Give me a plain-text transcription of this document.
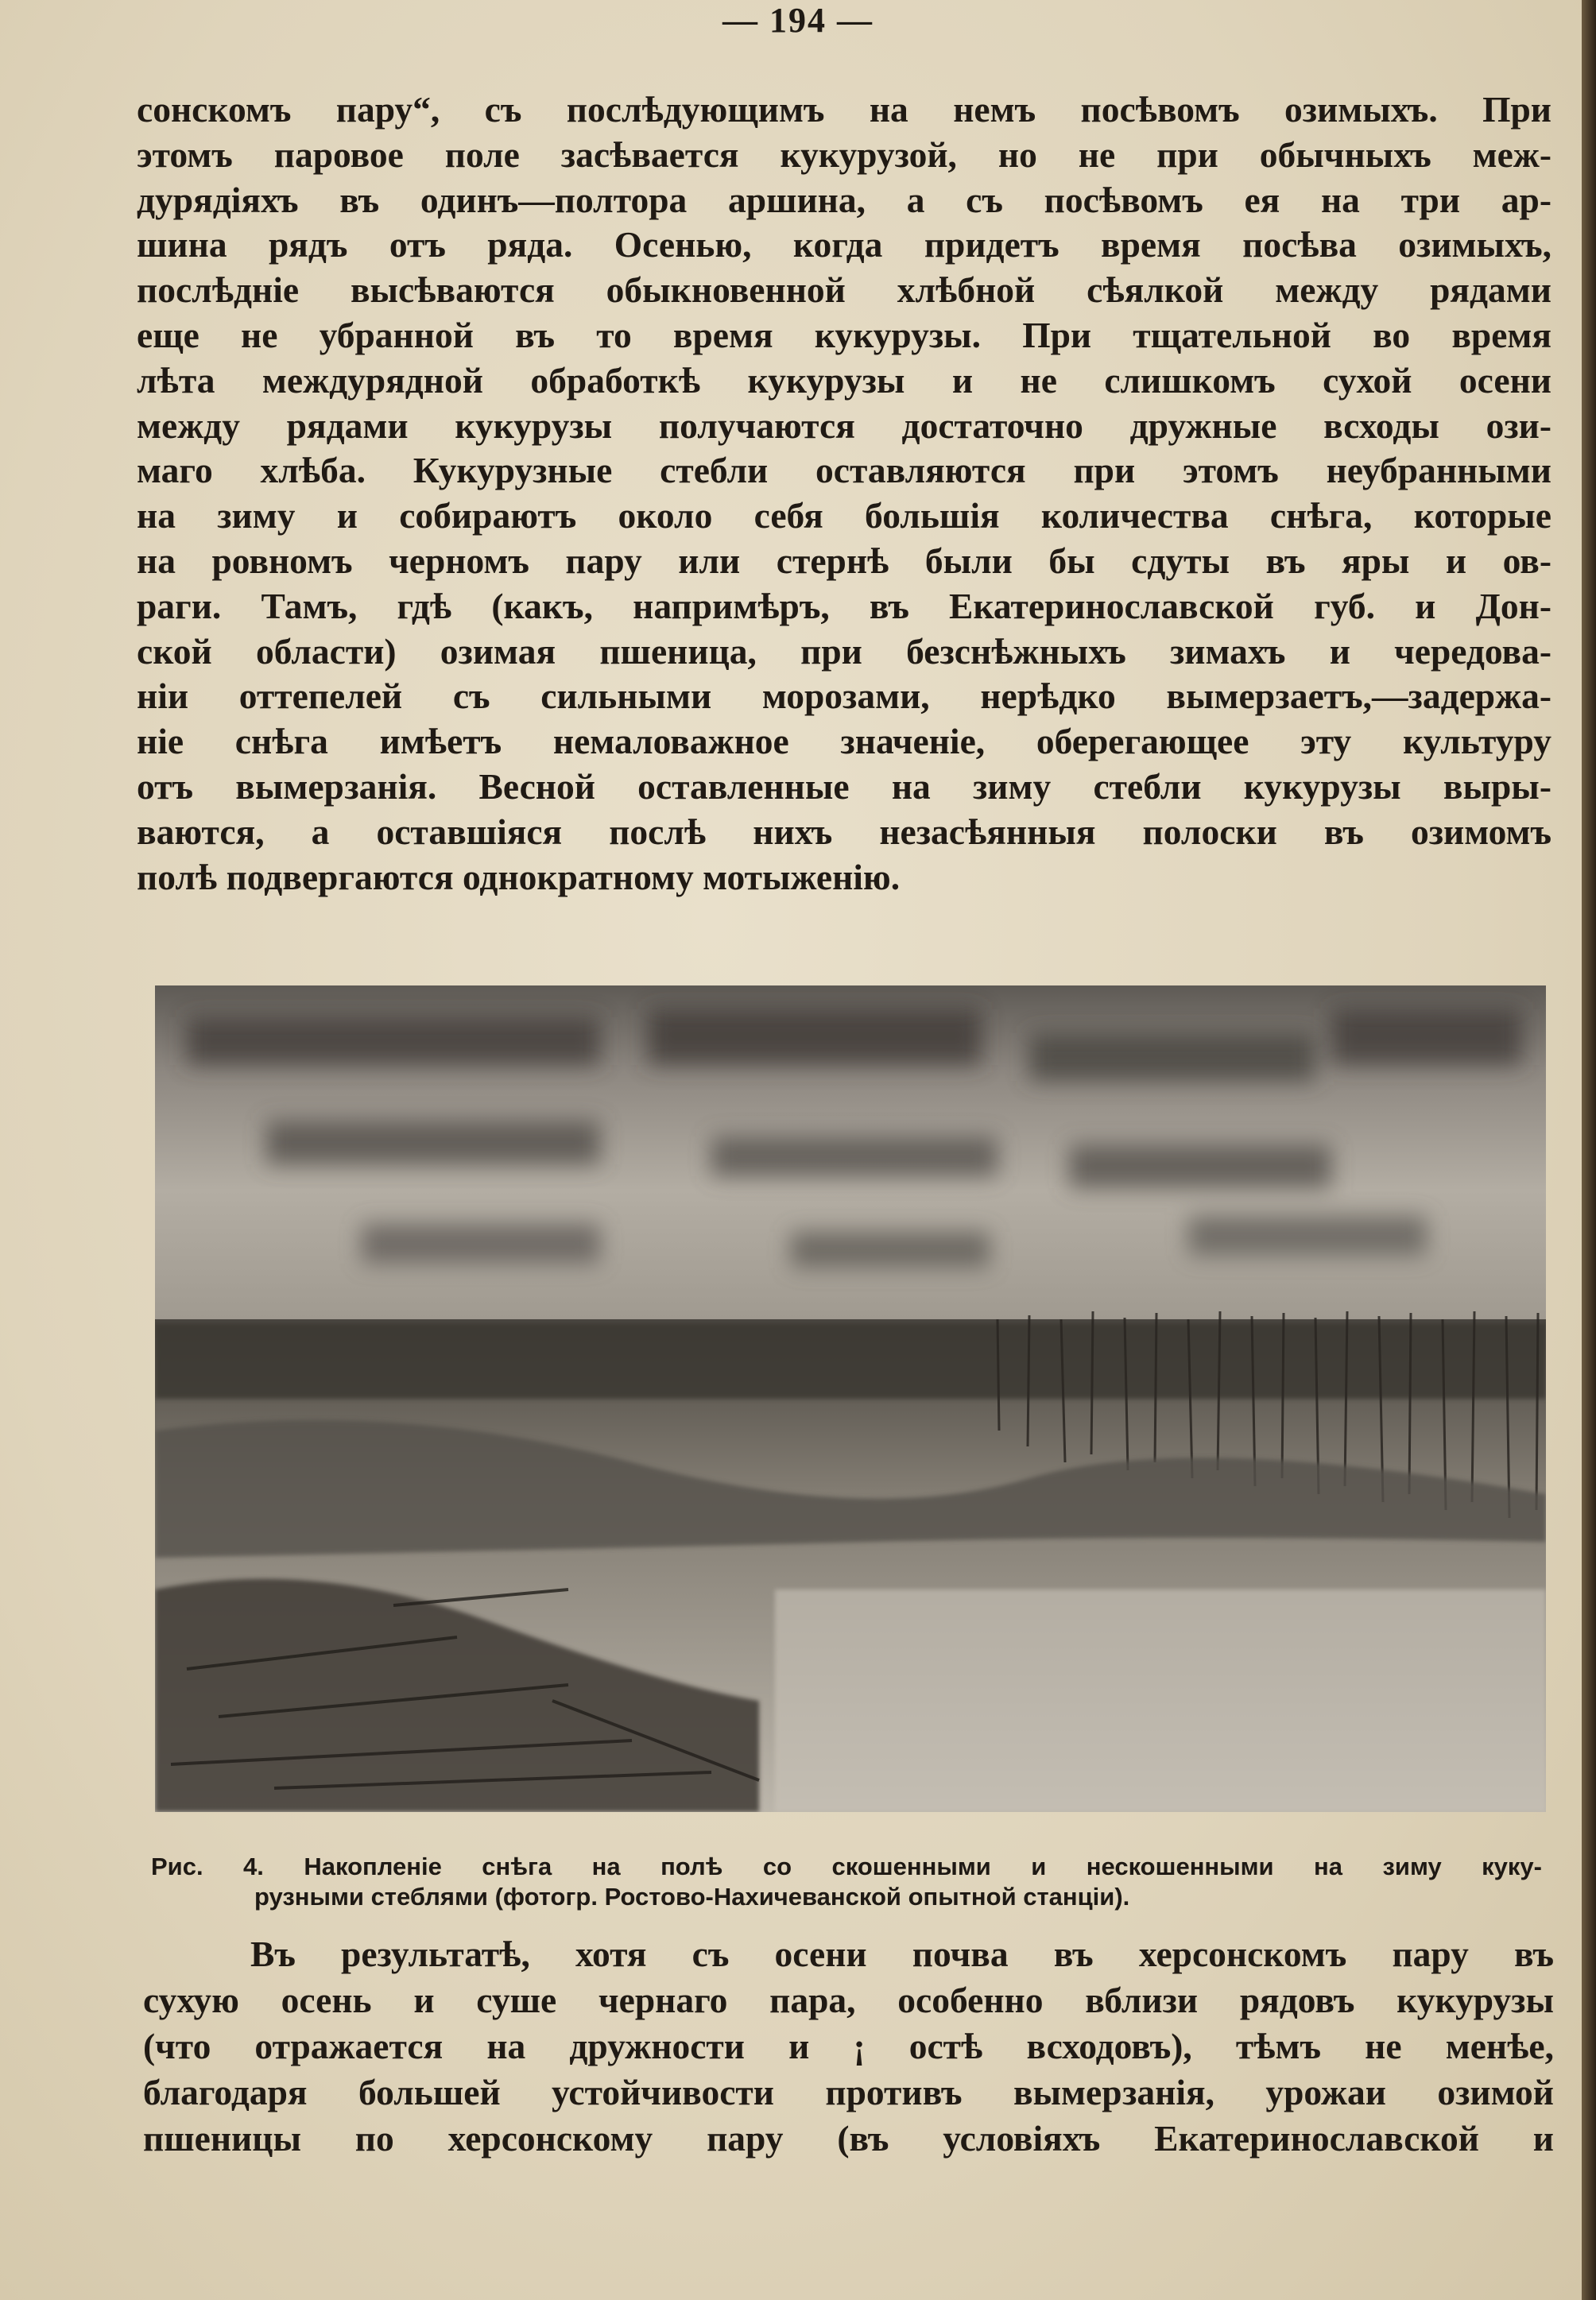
— 194 —
сонскомъ пару“, съ послѣдующимъ на немъ посѣвомъ озимыхъ. При
этомъ паровое поле засѣвается кукурузой, но не при обычныхъ меж-
дурядіяхъ въ одинъ—полтора аршина, а съ посѣвомъ ея на три ар-
шина рядъ отъ ряда. Осенью, когда придетъ время посѣва озимыхъ,
послѣдніе высѣваются обыкновенной хлѣбной сѣялкой между рядами
еще не убранной въ то время кукурузы. При тщательной во время
лѣта междурядной обработкѣ кукурузы и не слишкомъ сухой осени
между рядами кукурузы получаются достаточно дружные всходы ози-
маго хлѣба. Кукурузные стебли оставляются при этомъ неубранными
на зиму и собираютъ около себя большія количества снѣга, которые
на ровномъ черномъ пару или стернѣ были бы сдуты въ яры и ов-
раги. Тамъ, гдѣ (какъ, напримѣръ, въ Екатеринославской губ. и Дон-
ской области) озимая пшеница, при безснѣжныхъ зимахъ и чередова-
ніи оттепелей съ сильными морозами, нерѣдко вымерзаетъ,—задержа-
ніе снѣга имѣетъ немаловажное значеніе, оберегающее эту культуру
отъ вымерзанія. Весной оставленные на зиму стебли кукурузы выры-
ваются, а оставшіяся послѣ нихъ незасѣянныя полоски въ озимомъ
полѣ подвергаются однократному мотыженію.
Рис. 4. Накопленіе снѣга на полѣ со скошенными и нескошенными на зиму куку-
рузными стеблями (фотогр. Ростово-Нахичеванской опытной станціи).
Въ результатѣ, хотя съ осени почва въ херсонскомъ пару въ
сухую осень и суше чернаго пара, особенно вблизи рядовъ кукурузы
(что отражается на дружности и ¡ остѣ всходовъ), тѣмъ не менѣе,
благодаря большей устойчивости противъ вымерзанія, урожаи озимой
пшеницы по херсонскому пару (въ условіяхъ Екатеринославской и
